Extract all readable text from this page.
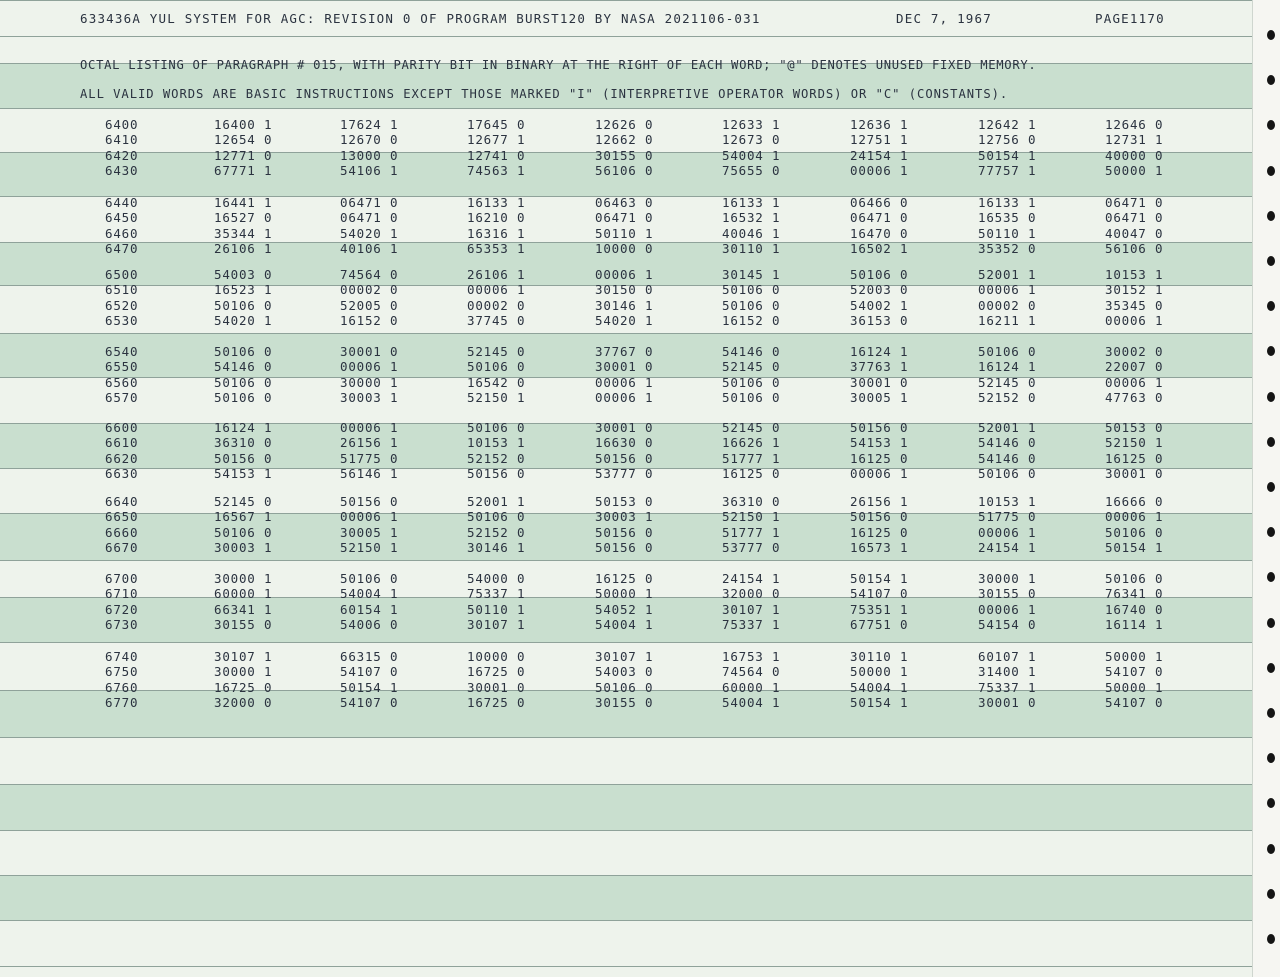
633436A YUL SYSTEM FOR AGC: REVISION 0 OF PROGRAM BURST120 BY NASA 2021106-031	DEC 7, 1967	PAGE1170
OCTAL LISTING OF PARAGRAPH # 015, WITH PARITY BIT IN BINARY AT THE RIGHT OF EACH WORD; "@" DENOTES UNUSED FIXED MEMORY.
ALL VALID WORDS ARE BASIC INSTRUCTIONS EXCEPT THOSE MARKED "I" (INTERPRETIVE OPERATOR WORDS) OR "C" (CONSTANTS).
6400	16400 1	17624 1	17645 0	12626 0	12633 1	12636 1	12642 1	12646 0
6410	12654 0	12670 0	12677 1	12662 0	12673 0	12751 1	12756 0	12731 1
6420	12771 0	13000 0	12741 0	30155 0	54004 1	24154 1	50154 1	40000 0
6430	67771 1	54106 1	74563 1	56106 0	75655 0	00006 1	77757 1	50000 1
6440	16441 1	06471 0	16133 1	06463 0	16133 1	06466 0	16133 1	06471 0
6450	16527 0	06471 0	16210 0	06471 0	16532 1	06471 0	16535 0	06471 0
6460	35344 1	54020 1	16316 1	50110 1	40046 1	16470 0	50110 1	40047 0
6470	26106 1	40106 1	65353 1	10000 0	30110 1	16502 1	35352 0	56106 0
6500	54003 0	74564 0	26106 1	00006 1	30145 1	50106 0	52001 1	10153 1
6510	16523 1	00002 0	00006 1	30150 0	50106 0	52003 0	00006 1	30152 1
6520	50106 0	52005 0	00002 0	30146 1	50106 0	54002 1	00002 0	35345 0
6530	54020 1	16152 0	37745 0	54020 1	16152 0	36153 0	16211 1	00006 1
6540	50106 0	30001 0	52145 0	37767 0	54146 0	16124 1	50106 0	30002 0
6550	54146 0	00006 1	50106 0	30001 0	52145 0	37763 1	16124 1	22007 0
6560	50106 0	30000 1	16542 0	00006 1	50106 0	30001 0	52145 0	00006 1
6570	50106 0	30003 1	52150 1	00006 1	50106 0	30005 1	52152 0	47763 0
6600	16124 1	00006 1	50106 0	30001 0	52145 0	50156 0	52001 1	50153 0
6610	36310 0	26156 1	10153 1	16630 0	16626 1	54153 1	54146 0	52150 1
6620	50156 0	51775 0	52152 0	50156 0	51777 1	16125 0	54146 0	16125 0
6630	54153 1	56146 1	50156 0	53777 0	16125 0	00006 1	50106 0	30001 0
6640	52145 0	50156 0	52001 1	50153 0	36310 0	26156 1	10153 1	16666 0
6650	16567 1	00006 1	50106 0	30003 1	52150 1	50156 0	51775 0	00006 1
6660	50106 0	30005 1	52152 0	50156 0	51777 1	16125 0	00006 1	50106 0
6670	30003 1	52150 1	30146 1	50156 0	53777 0	16573 1	24154 1	50154 1
6700	30000 1	50106 0	54000 0	16125 0	24154 1	50154 1	30000 1	50106 0
6710	60000 1	54004 1	75337 1	50000 1	32000 0	54107 0	30155 0	76341 0
6720	66341 1	60154 1	50110 1	54052 1	30107 1	75351 1	00006 1	16740 0
6730	30155 0	54006 0	30107 1	54004 1	75337 1	67751 0	54154 0	16114 1
6740	30107 1	66315 0	10000 0	30107 1	16753 1	30110 1	60107 1	50000 1
6750	30000 1	54107 0	16725 0	54003 0	74564 0	50000 1	31400 1	54107 0
6760	16725 0	50154 1	30001 0	50106 0	60000 1	54004 1	75337 1	50000 1
6770	32000 0	54107 0	16725 0	30155 0	54004 1	50154 1	30001 0	54107 0
